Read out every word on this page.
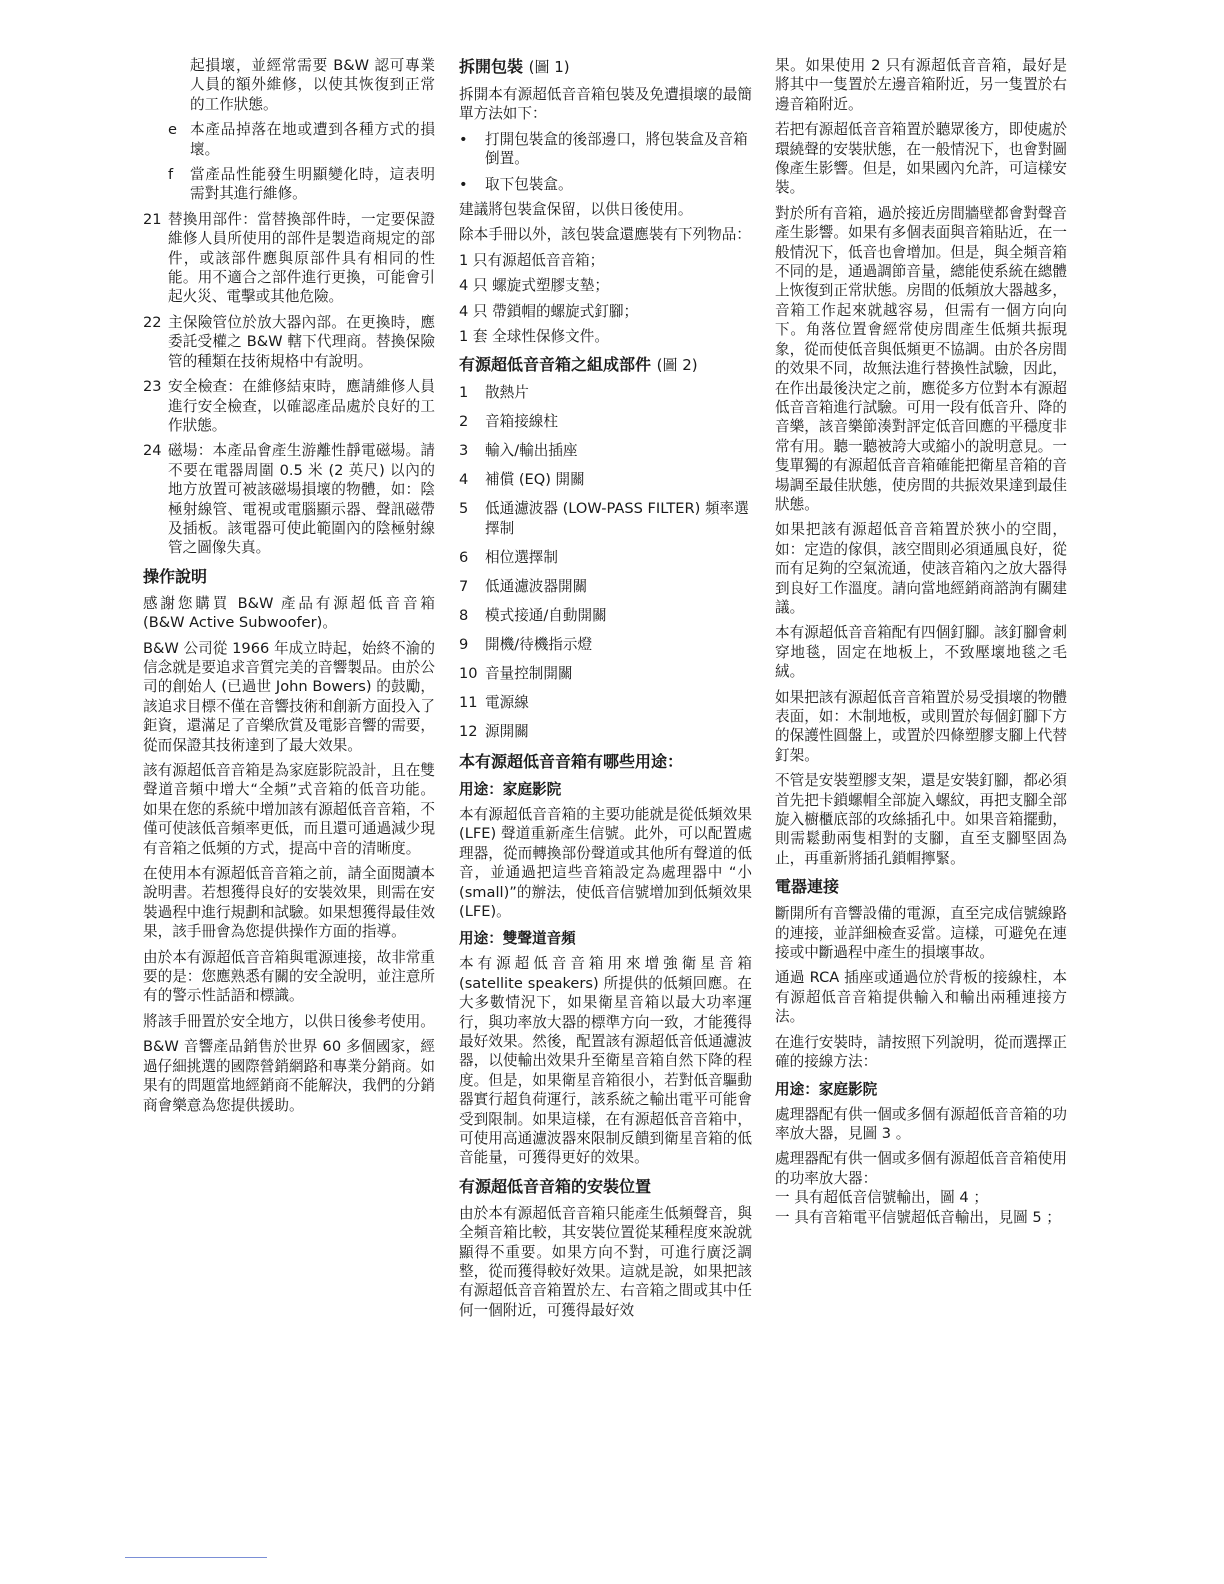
起損壞，並經常需要 B&W 認可專業人員的額外維修，以使其恢復到正常的工作狀態。

e 本產品掉落在地或遭到各種方式的損壞。
f	當產品性能發生明顯變化時，這表明需對其進行維修。
21 替換用部件：當替換部件時，一定要保證維修人員所使用的部件是製造商規定的部件，或該部件應與原部件具有相同的性能。用不適合之部件進行更換，可能會引起火災、電擊或其他危險。
22 主保險管位於放大器內部。在更換時，應委託受權之 B&W 轄下代理商。替換保險管的種類在技術規格中有說明。
23 安全檢查：在維修結束時，應請維修人員進行安全檢查，以確認產品處於良好的工作狀態。
24 磁場：本產品會產生游離性靜電磁場。請不要在電器周圍 0.5 米 (2 英尺) 以內的地方放置可被該磁場損壞的物體，如：陰極射線管、電視或電腦顯示器、聲訊磁帶及插板。該電器可使此範圍內的陰極射線管之圖像失真。
操作說明

感謝您購買 B&W 產品有源超低音音箱 (B&W Active Subwoofer)。

B&W 公司從 1966 年成立時起，始終不渝的信念就是要追求音質完美的音響製品。由於公司的創始人 (已過世 John Bowers) 的鼓勵，該追求目標不僅在音響技術和創新方面投入了鉅資，還滿足了音樂欣賞及電影音響的需要，從而保證其技術達到了最大效果。

該有源超低音音箱是為家庭影院設計，且在雙聲道音頻中增大“全頻”式音箱的低音功能。如果在您的系統中增加該有源超低音音箱，不僅可使該低音頻率更低，而且還可通過減少現有音箱之低頻的方式，提高中音的清晰度。

在使用本有源超低音音箱之前，請全面閱讀本說明書。若想獲得良好的安裝效果，則需在安裝過程中進行規劃和試驗。如果想獲得最佳效果，該手冊會為您提供操作方面的指導。

由於本有源超低音音箱與電源連接，故非常重要的是：您應熟悉有關的安全說明，並注意所有的警示性話語和標識。

將該手冊置於安全地方，以供日後參考使用。

B&W 音響產品銷售於世界 60 多個國家，經過仔細挑選的國際營銷網路和專業分銷商。如果有的問題當地經銷商不能解決，我們的分銷商會樂意為您提供援助。

拆開包裝 (圖 1)

拆開本有源超低音音箱包裝及免遭損壞的最簡單方法如下：

•	打開包裝盒的後部邊口，將包裝盒及音箱倒置。
•	取下包裝盒。

建議將包裝盒保留，以供日後使用。

除本手冊以外，該包裝盒還應裝有下列物品：

1 只有源超低音音箱；
4 只 螺旋式塑膠支墊；
4 只 帶鎖帽的螺旋式釘腳；
1 套 全球性保修文件。
有源超低音音箱之組成部件 (圖 2)
1	散熱片
2	音箱接線柱
3	輸入/輸出插座
4	補償 (EQ) 開關
5	低通濾波器 (LOW-PASS FILTER) 頻率選擇制
6	相位選擇制
7	低通濾波器開關
8	模式接通/自動開關
9	開機/待機指示燈
10 音量控制開關
11 電源線
12 源開關
本有源超低音音箱有哪些用途：
用途：家庭影院

本有源超低音音箱的主要功能就是從低頻效果 (LFE) 聲道重新產生信號。此外，可以配置處理器，從而轉換部份聲道或其他所有聲道的低音，並通過把這些音箱設定為處理器中 “小 (small)”的辦法，使低音信號增加到低頻效果 (LFE)。

用途：雙聲道音頻

本有源超低音音箱用來增強衛星音箱 (satellite speakers) 所提供的低頻回應。在大多數情況下，如果衛星音箱以最大功率運行，與功率放大器的標準方向一致，才能獲得最好效果。然後，配置該有源超低音低通濾波器，以使輸出效果升至衛星音箱自然下降的程度。但是，如果衛星音箱很小，若對低音驅動器實行超負荷運行，該系統之輸出電平可能會受到限制。如果這樣，在有源超低音音箱中，可使用高通濾波器來限制反饋到衛星音箱的低音能量，可獲得更好的效果。

有源超低音音箱的安裝位置

由於本有源超低音音箱只能產生低頻聲音，與全頻音箱比較，其安裝位置從某種程度來說就顯得不重要。如果方向不對，可進行廣泛調整，從而獲得較好效果。這就是說，如果把該有源超低音音箱置於左、右音箱之間或其中任何一個附近，可獲得最好效

果。如果使用 2 只有源超低音音箱，最好是將其中一隻置於左邊音箱附近，另一隻置於右邊音箱附近。

若把有源超低音音箱置於聽眾後方，即使處於環繞聲的安裝狀態，在一般情況下，也會對圖像產生影響。但是，如果國內允許，可這樣安裝。

對於所有音箱，過於接近房間牆壁都會對聲音產生影響。如果有多個表面與音箱貼近，在一般情況下，低音也會增加。但是，與全頻音箱不同的是，通過調節音量，總能使系統在總體上恢復到正常狀態。房間的低頻放大器越多，音箱工作起來就越容易，但需有一個方向向下。角落位置會經常使房間產生低頻共振現象，從而使低音與低頻更不協調。由於各房間的效果不同，故無法進行替換性試驗，因此，在作出最後決定之前，應從多方位對本有源超低音音箱進行試驗。可用一段有低音升、降的音樂，該音樂節湊對評定低音回應的平穩度非常有用。聽一聽被誇大或縮小的說明意見。一隻單獨的有源超低音音箱確能把衛星音箱的音場調至最佳狀態，使房間的共振效果達到最佳狀態。

如果把該有源超低音音箱置於狹小的空間，如：定造的傢俱，該空間則必須通風良好，從而有足夠的空氣流通，使該音箱內之放大器得到良好工作溫度。請向當地經銷商諮詢有關建議。

本有源超低音音箱配有四個釘腳。該釘腳會刺穿地毯，固定在地板上，不致壓壞地毯之毛絨。

如果把該有源超低音音箱置於易受損壞的物體表面，如：木制地板，或則置於每個釘腳下方的保護性圓盤上，或置於四條塑膠支腳上代替釘架。

不管是安裝塑膠支架，還是安裝釘腳，都必須首先把卡鎖螺帽全部旋入螺紋，再把支腳全部旋入櫥櫃底部的攻絲插孔中。如果音箱擺動，則需鬆動兩隻相對的支腳，直至支腳堅固為止，再重新將插孔鎖帽擰緊。

電器連接

斷開所有音響設備的電源，直至完成信號線路的連接，並詳細檢查妥當。這樣，可避免在連接或中斷過程中產生的損壞事故。

通過 RCA 插座或通過位於背板的接線柱，本有源超低音音箱提供輸入和輸出兩種連接方法。

在進行安裝時，請按照下列說明，從而選擇正確的接線方法：

用途：家庭影院

處理器配有供一個或多個有源超低音音箱的功率放大器，見圖 3 。

處理器配有供一個或多個有源超低音音箱使用的功率放大器：

一 具有超低音信號輸出，圖 4 ；
一 具有音箱電平信號超低音輸出，見圖 5 ；
